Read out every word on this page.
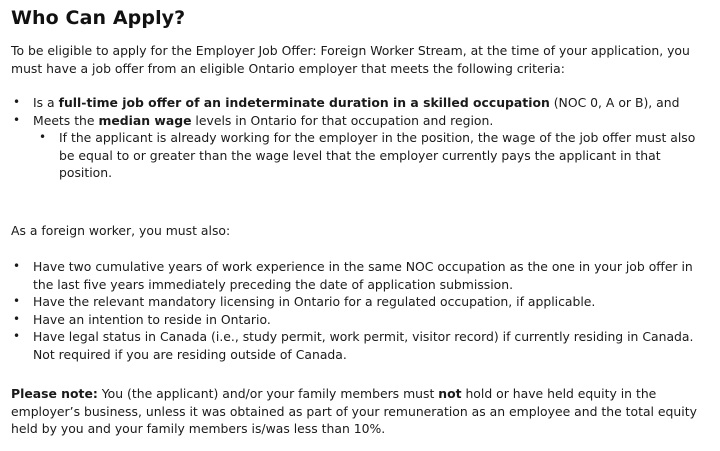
Who Can Apply?

To be eligible to apply for the Employer Job Offer: Foreign Worker Stream, at the time of your application, you must have a job offer from an eligible Ontario employer that meets the following criteria:

• Is a full-time job offer of an indeterminate duration in a skilled occupation (NOC 0, A or B), and
• Meets the median wage levels in Ontario for that occupation and region.
• If the applicant is already working for the employer in the position, the wage of the job offer must also be equal to or greater than the wage level that the employer currently pays the applicant in that position.

As a foreign worker, you must also:

• Have two cumulative years of work experience in the same NOC occupation as the one in your job offer in the last five years immediately preceding the date of application submission.
• Have the relevant mandatory licensing in Ontario for a regulated occupation, if applicable.
• Have an intention to reside in Ontario.
• Have legal status in Canada (i.e., study permit, work permit, visitor record) if currently residing in Canada. Not required if you are residing outside of Canada.

Please note: You (the applicant) and/or your family members must not hold or have held equity in the employer’s business, unless it was obtained as part of your remuneration as an employee and the total equity held by you and your family members is/was less than 10%.
